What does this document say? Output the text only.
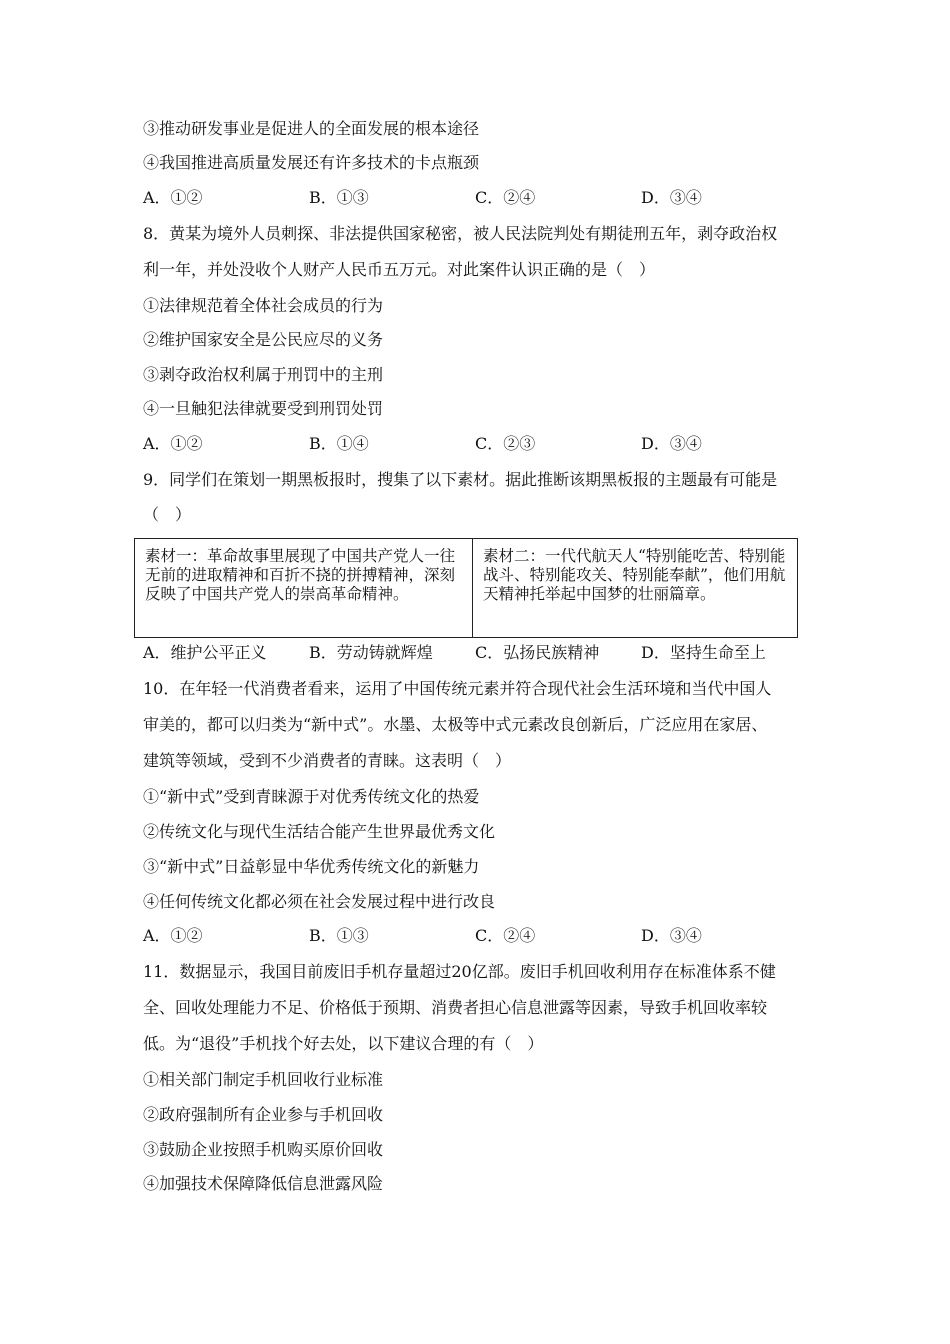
③推动研发事业是促进人的全面发展的根本途径
④我国推进高质量发展还有许多技术的卡点瓶颈
A．①②	B．①③	C．②④	D．③④
8．黄某为境外人员刺探、非法提供国家秘密，被人民法院判处有期徒刑五年，剥夺政治权
利一年，并处没收个人财产人民币五万元。对此案件认识正确的是（　）
①法律规范着全体社会成员的行为
②维护国家安全是公民应尽的义务
③剥夺政治权利属于刑罚中的主刑
④一旦触犯法律就要受到刑罚处罚
A．①②	B．①④	C．②③	D．③④
9．同学们在策划一期黑板报时，搜集了以下素材。据此推断该期黑板报的主题最有可能是
（　）
素材一：革命故事里展现了中国共产党人一往无前的进取精神和百折不挠的拼搏精神，深刻反映了中国共产党人的崇高革命精神。
素材二：一代代航天人“特别能吃苦、特别能战斗、特别能攻关、特别能奉献”，他们用航天精神托举起中国梦的壮丽篇章。
A．维护公平正义	B．劳动铸就辉煌	C．弘扬民族精神	D．坚持生命至上
10．在年轻一代消费者看来，运用了中国传统元素并符合现代社会生活环境和当代中国人
审美的，都可以归类为“新中式”。水墨、太极等中式元素改良创新后，广泛应用在家居、
建筑等领域，受到不少消费者的青睐。这表明（　）
①“新中式”受到青睐源于对优秀传统文化的热爱
②传统文化与现代生活结合能产生世界最优秀文化
③“新中式”日益彰显中华优秀传统文化的新魅力
④任何传统文化都必须在社会发展过程中进行改良
A．①②	B．①③	C．②④	D．③④
11．数据显示，我国目前废旧手机存量超过20亿部。废旧手机回收利用存在标准体系不健
全、回收处理能力不足、价格低于预期、消费者担心信息泄露等因素，导致手机回收率较
低。为“退役”手机找个好去处，以下建议合理的有（　）
①相关部门制定手机回收行业标准
②政府强制所有企业参与手机回收
③鼓励企业按照手机购买原价回收
④加强技术保障降低信息泄露风险
